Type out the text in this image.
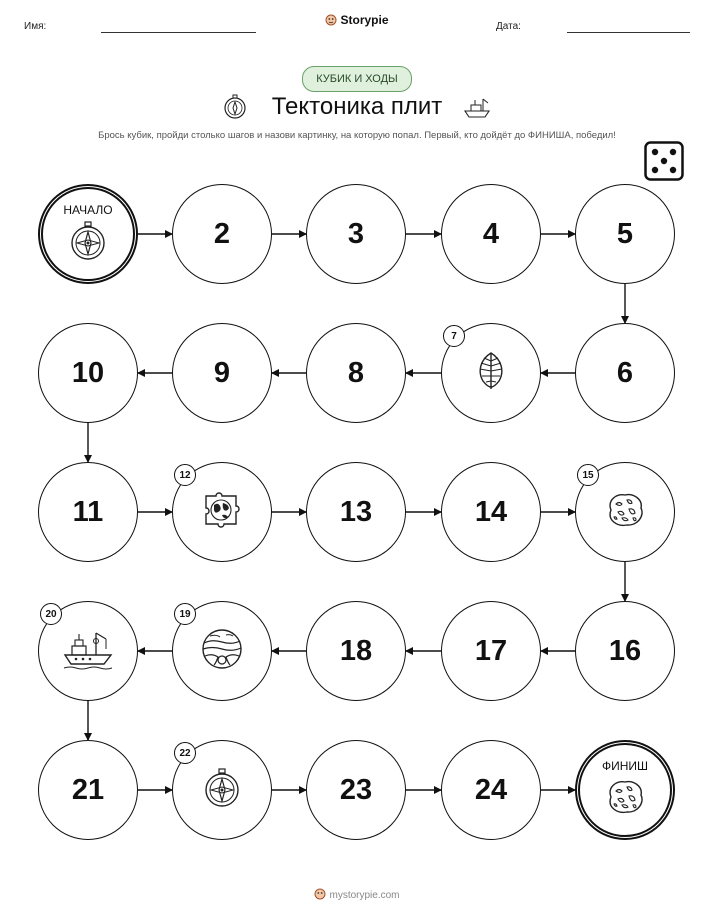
Имя:	Storypie	Дата:
КУБИК И ХОДЫ
Тектоника плит
Брось кубик, пройди столько шагов и назови картинку, на которую попал. Первый, кто дойдёт до ФИНИША, победил!
НАЧАЛО
2	3	4	5
6
7
8
9
10
11
12
13	14
15
16
17
18
19
20
21
22
23	24
ФИНИШ
mystorypie.com
